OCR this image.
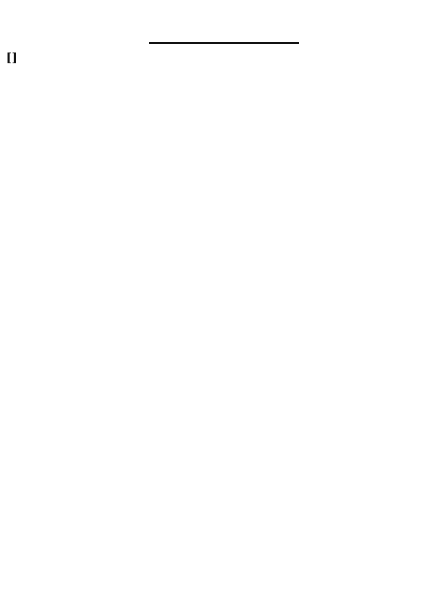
[]
